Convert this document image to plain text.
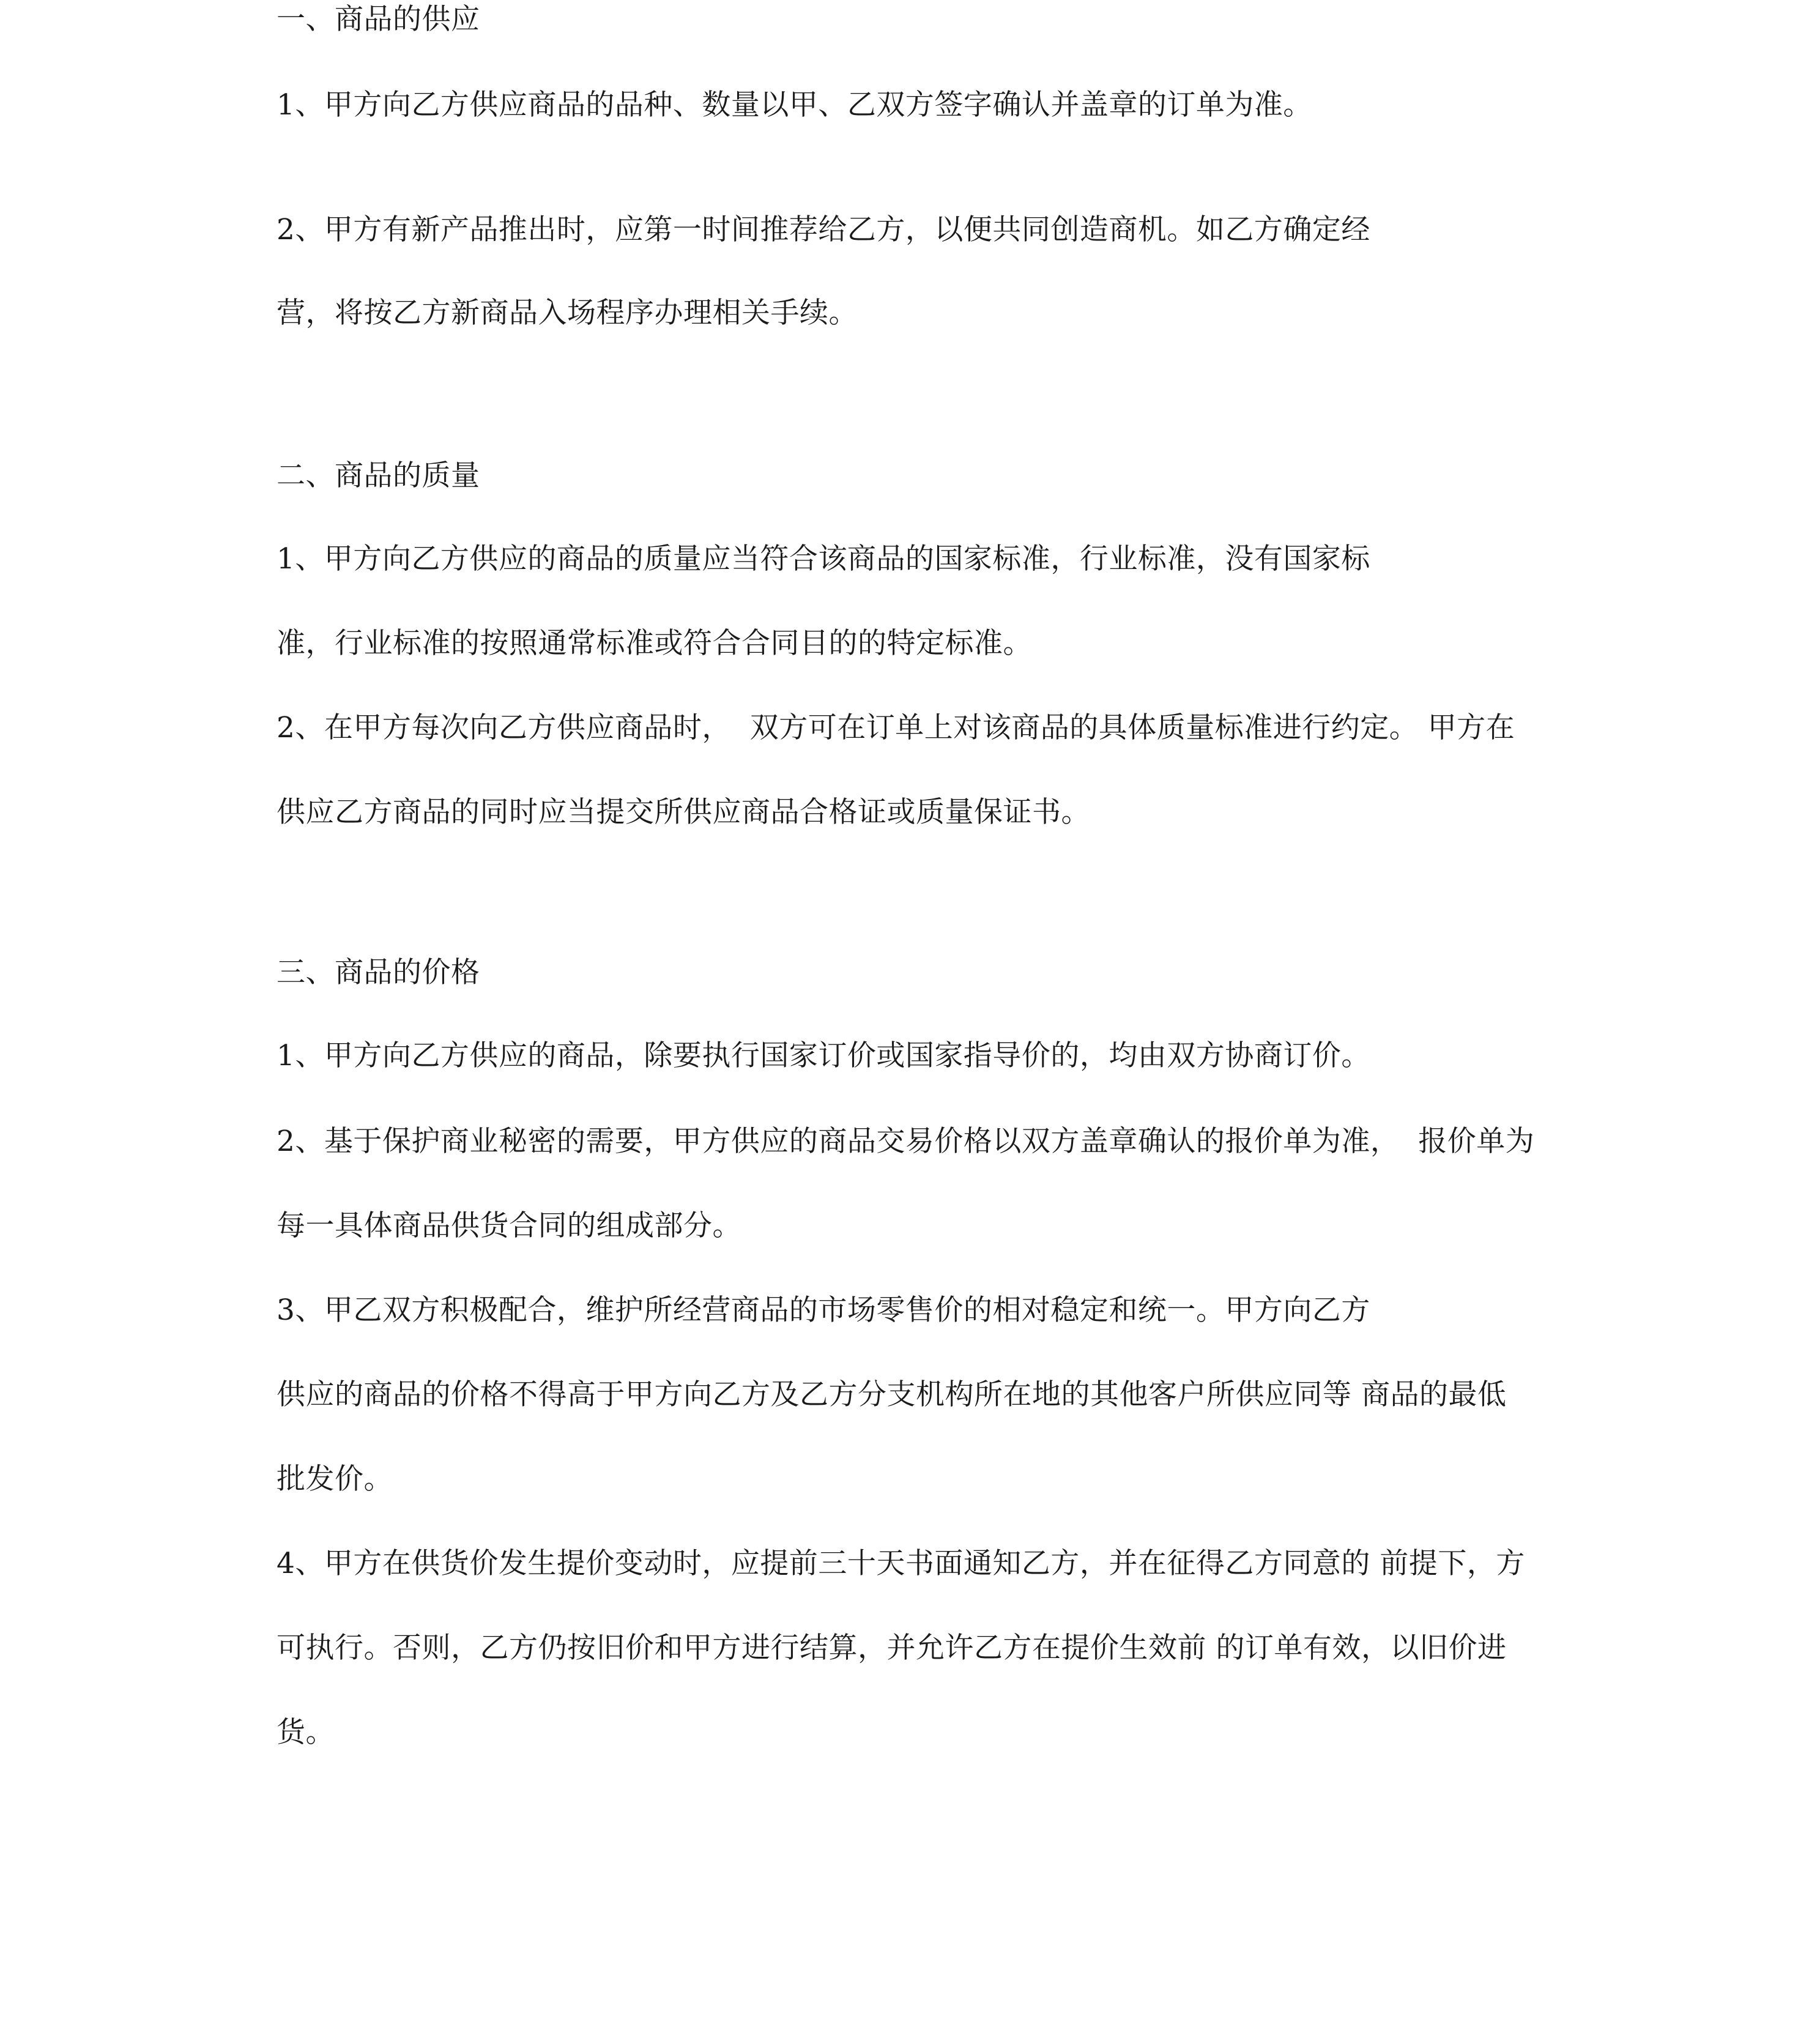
一、商品的供应
1、甲方向乙方供应商品的品种、数量以甲、乙双方签字确认并盖章的订单为准。
2、甲方有新产品推出时，应第一时间推荐给乙方，以便共同创造商机。如乙方确定经
营，将按乙方新商品入场程序办理相关手续。
二、商品的质量
1、甲方向乙方供应的商品的质量应当符合该商品的国家标准，行业标准，没有国家标
准，行业标准的按照通常标准或符合合同目的的特定标准。
2、在甲方每次向乙方供应商品时，  双方可在订单上对该商品的具体质量标准进行约定。 甲方在
供应乙方商品的同时应当提交所供应商品合格证或质量保证书。
三、商品的价格
1、甲方向乙方供应的商品，除要执行国家订价或国家指导价的，均由双方协商订价。
2、基于保护商业秘密的需要，甲方供应的商品交易价格以双方盖章确认的报价单为准，  报价单为
每一具体商品供货合同的组成部分。
3、甲乙双方积极配合，维护所经营商品的市场零售价的相对稳定和统一。甲方向乙方
供应的商品的价格不得高于甲方向乙方及乙方分支机构所在地的其他客户所供应同等 商品的最低
批发价。
4、甲方在供货价发生提价变动时，应提前三十天书面通知乙方，并在征得乙方同意的 前提下，方
可执行。否则，乙方仍按旧价和甲方进行结算，并允许乙方在提价生效前 的订单有效，以旧价进
货。
